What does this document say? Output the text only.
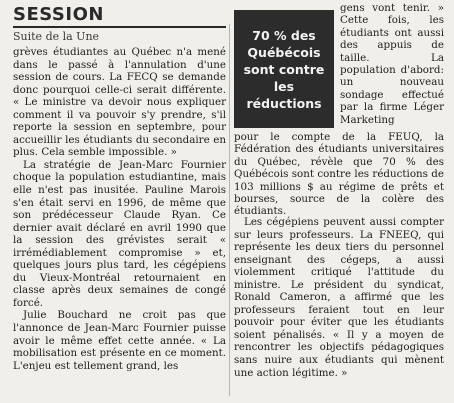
SESSION
Suite de la Une

grèves étudiantes au Québec n'a mené dans le passé à l'annulation d'une session de cours. La FECQ se demande donc pourquoi celle-ci serait différente. « Le ministre va devoir nous expliquer comment il va pouvoir s'y prendre, s'il reporte la session en septembre, pour accueillir les étudiants du secondaire en plus. Cela semble impossible. »

La stratégie de Jean-Marc Fournier choque la population estudiantine, mais elle n'est pas inusitée. Pauline Marois s'en était servi en 1996, de même que son prédécesseur Claude Ryan. Ce dernier avait déclaré en avril 1990 que la session des grévistes serait « irrémédiablement compromise » et, quelques jours plus tard, les cégépiens du Vieux-Montréal retournaient en classe après deux semaines de congé forcé.

Julie Bouchard ne croit pas que l'annonce de Jean-Marc Fournier puisse avoir le même effet cette année. « La mobilisation est présente en ce moment. L'enjeu est tellement grand, les

70 % des Québécois sont contre les réductions

gens vont tenir. » Cette fois, les étudiants ont aussi des appuis de taille. La population d'abord: un nouveau sondage effectué par la firme Léger Marketing

pour le compte de la FEUQ, la Fédération des étudiants universitaires du Québec, révèle que 70 % des Québécois sont contre les réductions de 103 millions $ au régime de prêts et bourses, source de la colère des étudiants.

Les cégépiens peuvent aussi compter sur leurs professeurs. La FNEEQ, qui représente les deux tiers du personnel enseignant des cégeps, a aussi violemment critiqué l'attitude du ministre. Le président du syndicat, Ronald Cameron, a affirmé que les professeurs feraient tout en leur pouvoir pour éviter que les étudiants soient pénalisés. « Il y a moyen de rencontrer les objectifs pédagogiques sans nuire aux étudiants qui mènent une action légitime. »
